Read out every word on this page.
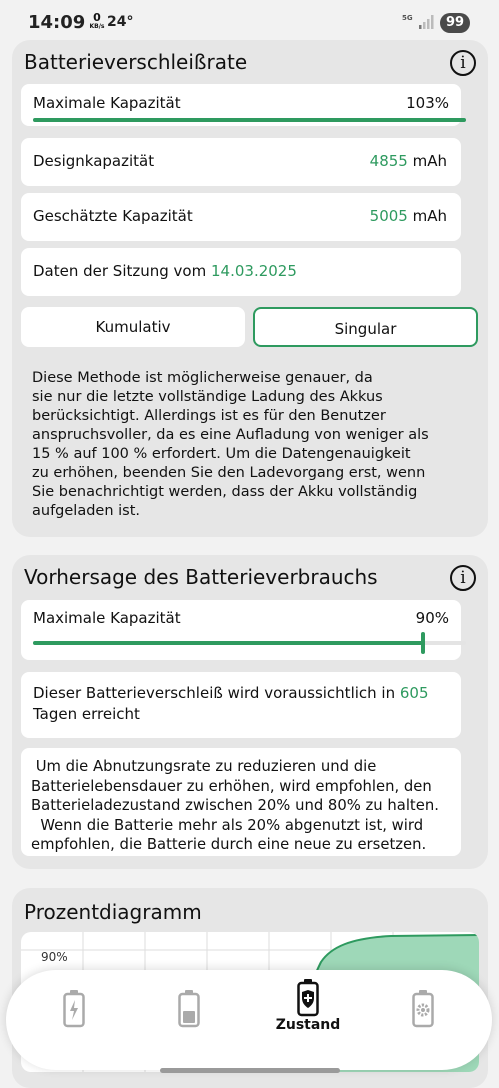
14:09 0
KB/s 24°	5G	99
Batterieverschleißrate	i
Maximale Kapazität	103%
Designkapazität	4855 mAh
Geschätzte Kapazität	5005 mAh
Daten der Sitzung vom 14.03.2025
Kumulativ	Singular
Diese Methode ist möglicherweise genauer, da
sie nur die letzte vollständige Ladung des Akkus
berücksichtigt. Allerdings ist es für den Benutzer
anspruchsvoller, da es eine Aufladung von weniger als
15 % auf 100 % erfordert. Um die Datengenauigkeit
zu erhöhen, beenden Sie den Ladevorgang erst, wenn
Sie benachrichtigt werden, dass der Akku vollständig
aufgeladen ist.
Vorhersage des Batterieverbrauchs	i
Maximale Kapazität	90%
Dieser Batterieverschleiß wird voraussichtlich in 605
Tagen erreicht
Um die Abnutzungsrate zu reduzieren und die
Batterielebensdauer zu erhöhen, wird empfohlen, den
Batterieladezustand zwischen 20% und 80% zu halten.
Wenn die Batterie mehr als 20% abgenutzt ist, wird
empfohlen, die Batterie durch eine neue zu ersetzen.
Prozentdiagramm
90%
Zustand
